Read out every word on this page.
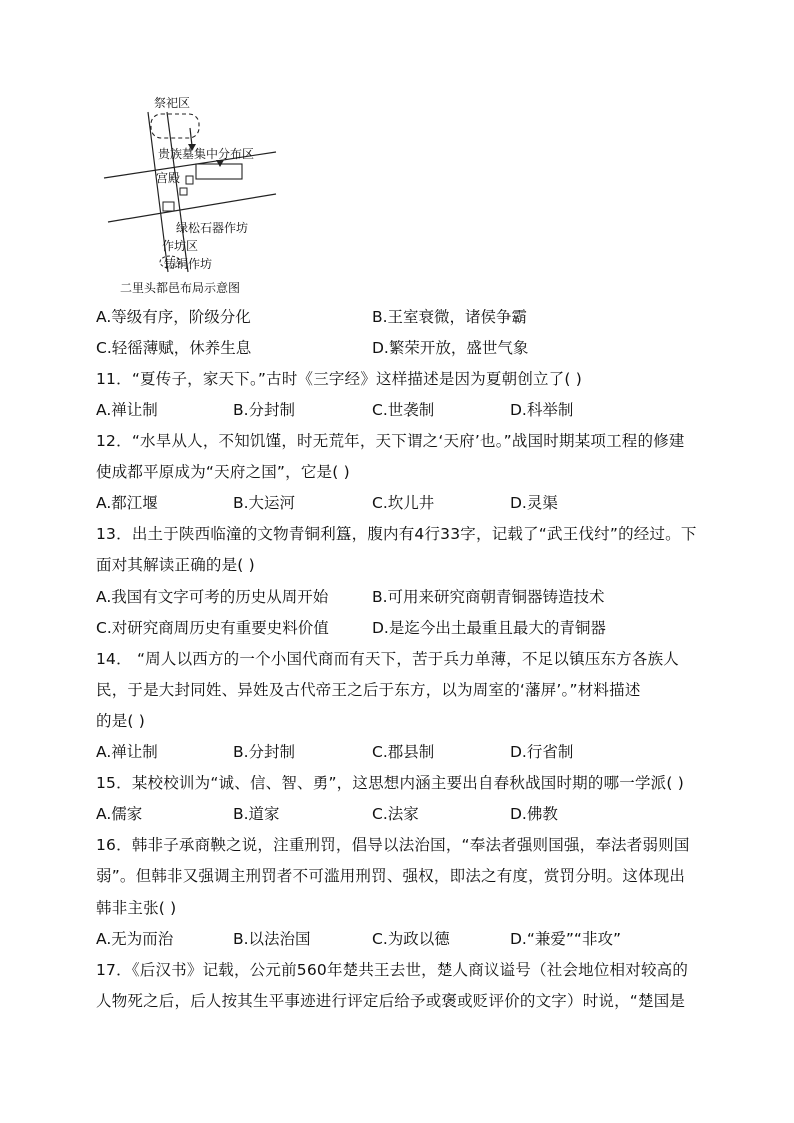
祭祀区
贵族墓集中分布区
宫殿
绿松石器作坊
作坊区
铸铜作坊
二里头都邑布局示意图
A.等级有序，阶级分化	B.王室衰微，诸侯争霸
C.轻徭薄赋，休养生息	D.繁荣开放，盛世气象
11．“夏传子，家天下。”古时《三字经》这样描述是因为夏朝创立了( )
A.禅让制	B.分封制	C.世袭制	D.科举制
12．“水旱从人，不知饥馑，时无荒年，天下谓之‘天府’也。”战国时期某项工程的修建
使成都平原成为“天府之国”，它是( )
A.都江堰	B.大运河	C.坎儿井	D.灵渠
13．出土于陕西临潼的文物青铜利簋，腹内有4行33字，记载了“武王伐纣”的经过。下
面对其解读正确的是( )
A.我国有文字可考的历史从周开始	B.可用来研究商朝青铜器铸造技术
C.对研究商周历史有重要史料价值	D.是迄今出土最重且最大的青铜器
14． “周人以西方的一个小国代商而有天下，苦于兵力单薄，不足以镇压东方各族人
民，于是大封同姓、异姓及古代帝王之后于东方，以为周室的‘藩屏’。”材料描述
的是( )
A.禅让制	B.分封制	C.郡县制	D.行省制
15．某校校训为“诚、信、智、勇”，这思想内涵主要出自春秋战国时期的哪一学派( )
A.儒家	B.道家	C.法家	D.佛教
16．韩非子承商鞅之说，注重刑罚，倡导以法治国，“奉法者强则国强，奉法者弱则国
弱”。但韩非又强调主刑罚者不可滥用刑罚、强权，即法之有度，赏罚分明。这体现出
韩非主张( )
A.无为而治	B.以法治国	C.为政以德	D.“兼爱”“非攻”
17．《后汉书》记载，公元前560年楚共王去世，楚人商议谥号（社会地位相对较高的
人物死之后，后人按其生平事迹进行评定后给予或褒或贬评价的文字）时说，“楚国是
